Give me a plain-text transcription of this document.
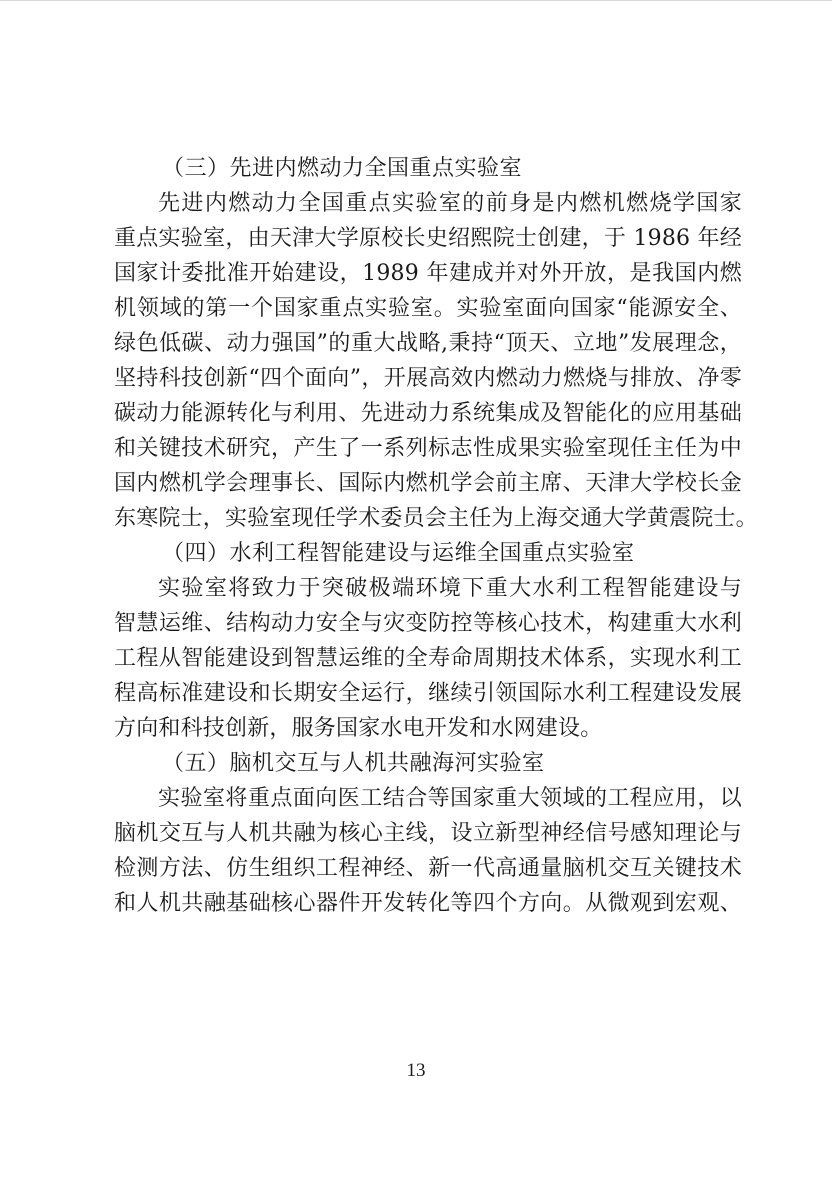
（三）先进内燃动力全国重点实验室
先进内燃动力全国重点实验室的前身是内燃机燃烧学国家
重点实验室，由天津大学原校长史绍熙院士创建，于 1986 年经
国家计委批准开始建设，1989 年建成并对外开放，是我国内燃
机领域的第一个国家重点实验室。实验室面向国家“能源安全、
绿色低碳、动力强国”的重大战略,秉持“顶天、立地”发展理念，
坚持科技创新“四个面向”，开展高效内燃动力燃烧与排放、净零
碳动力能源转化与利用、先进动力系统集成及智能化的应用基础
和关键技术研究，产生了一系列标志性成果实验室现任主任为中
国内燃机学会理事长、国际内燃机学会前主席、天津大学校长金
东寒院士，实验室现任学术委员会主任为上海交通大学黄震院士。
（四）水利工程智能建设与运维全国重点实验室
实验室将致力于突破极端环境下重大水利工程智能建设与
智慧运维、结构动力安全与灾变防控等核心技术，构建重大水利
工程从智能建设到智慧运维的全寿命周期技术体系，实现水利工
程高标准建设和长期安全运行，继续引领国际水利工程建设发展
方向和科技创新，服务国家水电开发和水网建设。
（五）脑机交互与人机共融海河实验室
实验室将重点面向医工结合等国家重大领域的工程应用，以
脑机交互与人机共融为核心主线，设立新型神经信号感知理论与
检测方法、仿生组织工程神经、新一代高通量脑机交互关键技术
和人机共融基础核心器件开发转化等四个方向。从微观到宏观、
13
